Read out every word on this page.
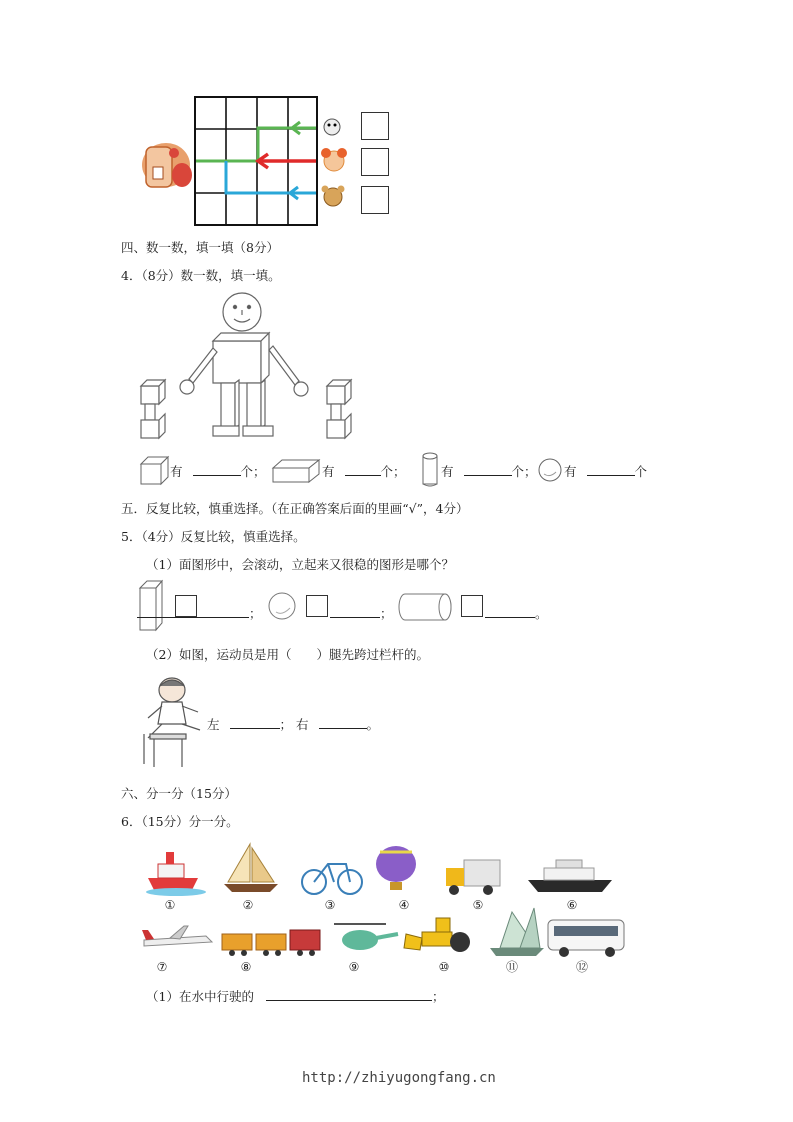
四、数一数，填一填（8分）
4．（8分）数一数，填一填。
有	个；	有	个；	有	个； 有	个
五．反复比较，慎重选择。（在正确答案后面的里画“√”，4分）
5．（4分）反复比较，慎重选择。
（1）面图形中，会滚动，立起来又很稳的图形是哪个？
；	；	。
（2）如图，运动员是用（　　）腿先跨过栏杆的。
左	； 右	。
六、分一分（15分）
6．（15分）分一分。
①	②	③	④	⑤	⑥
⑦	⑧	⑨	⑩	⑪	⑫
（1）在水中行驶的	；
http://zhiyugongfang.cn
